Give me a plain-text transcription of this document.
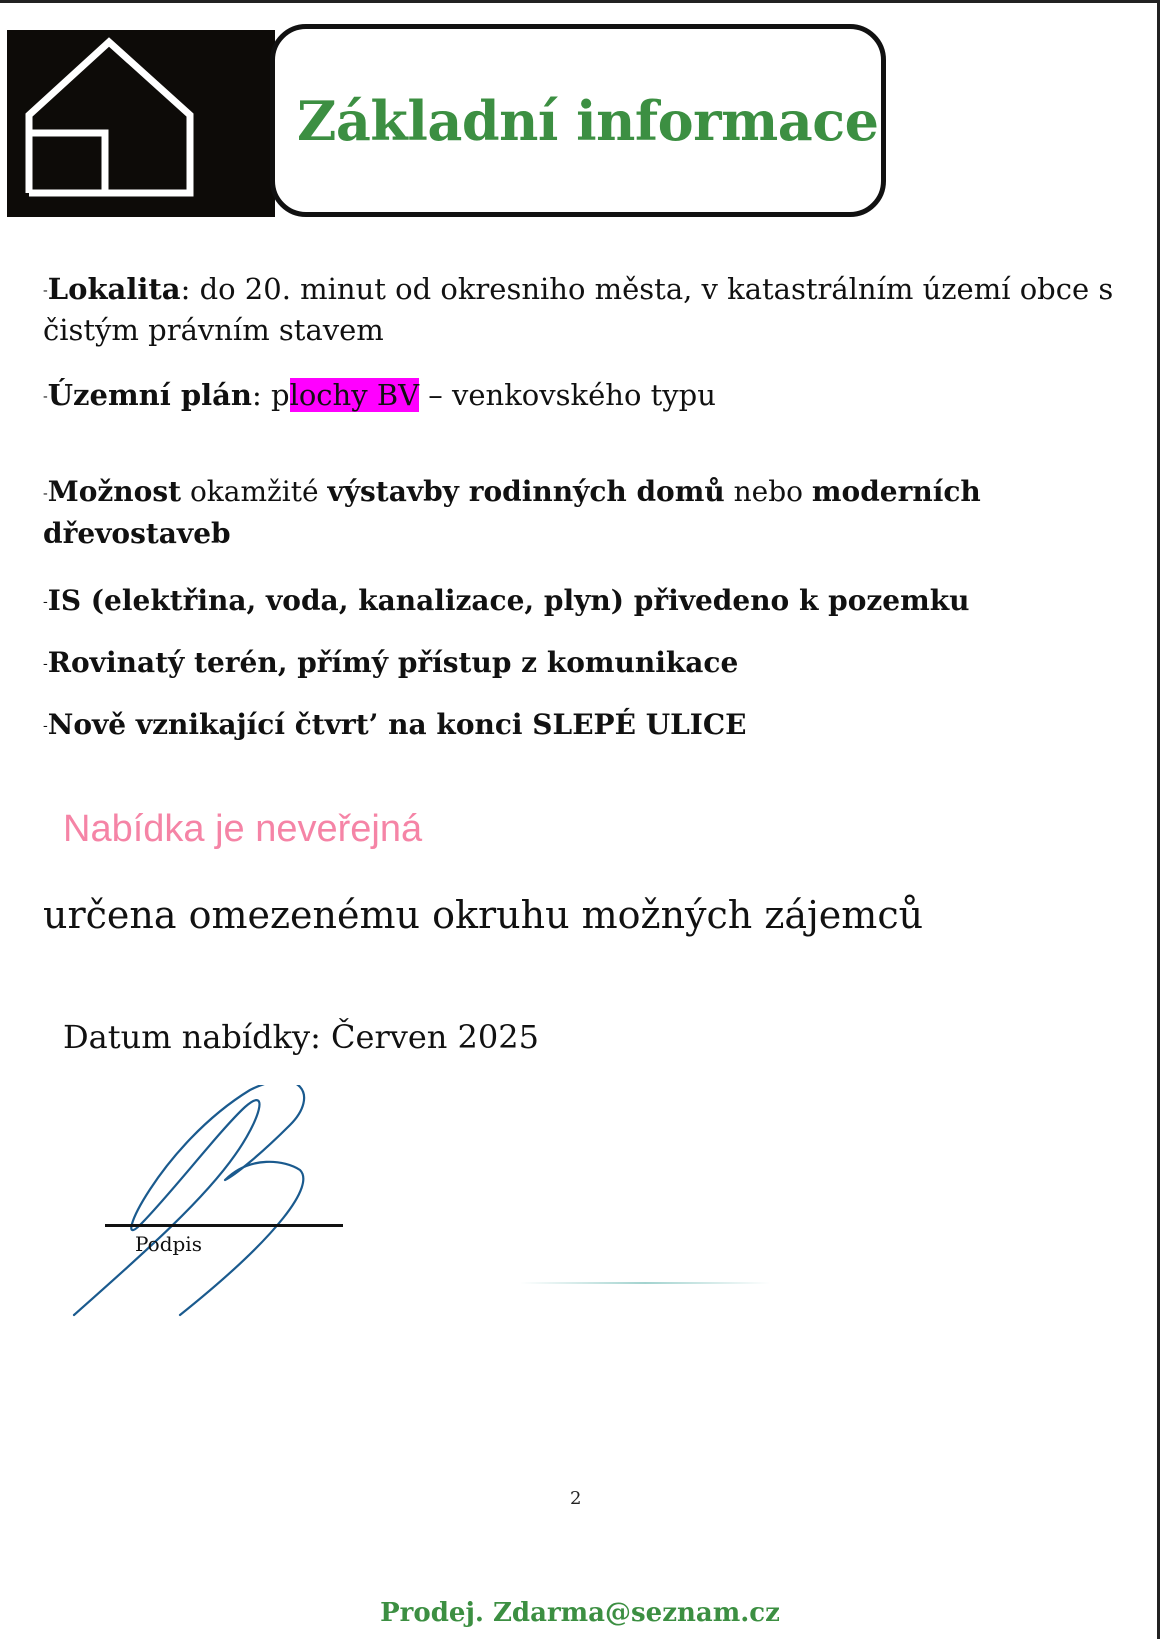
Základní informace
-Lokalita: do 20. minut od okresniho města, v katastrálním území obce s čistým právním stavem
-Územní plán: plochy BV – venkovského typu
-Možnost okamžité výstavby rodinných domů nebo moderních dřevostaveb
-IS (elektřina, voda, kanalizace, plyn) přivedeno k pozemku
-Rovinatý terén, přímý přístup z komunikace
-Nově vznikající čtvrt’ na konci SLEPÉ ULICE
Nabídka je neveřejná
určena omezenému okruhu možných zájemců
Datum nabídky: Červen 2025
Podpis
2
Prodej. Zdarma@seznam.cz
